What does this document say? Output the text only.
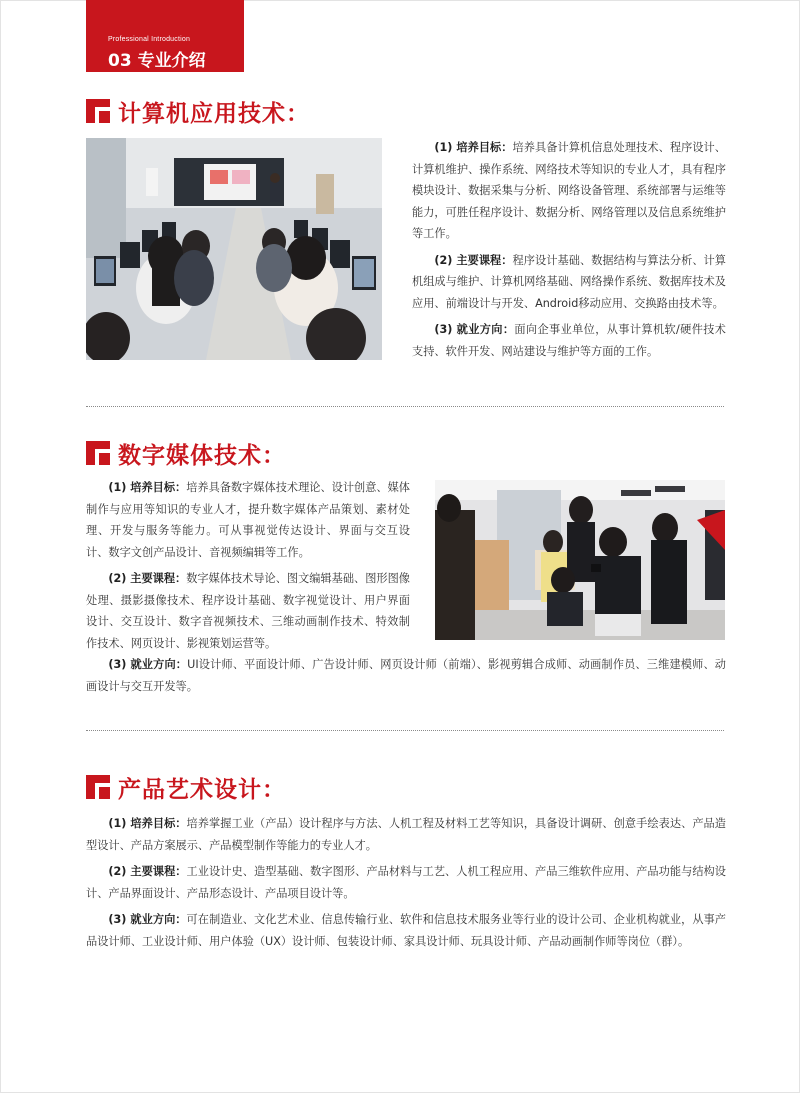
Professional Introduction
03 专业介绍
计算机应用技术：

(1) 培养目标：培养具备计算机信息处理技术、程序设计、计算机维护、操作系统、网络技术等知识的专业人才，具有程序模块设计、数据采集与分析、网络设备管理、系统部署与运维等能力，可胜任程序设计、数据分析、网络管理以及信息系统维护等工作。

(2) 主要课程：程序设计基础、数据结构与算法分析、计算机组成与维护、计算机网络基础、网络操作系统、数据库技术及应用、前端设计与开发、Android移动应用、交换路由技术等。

(3) 就业方向：面向企事业单位，从事计算机软/硬件技术支持、软件开发、网站建设与维护等方面的工作。

数字媒体技术：

(1) 培养目标：培养具备数字媒体技术理论、设计创意、媒体制作与应用等知识的专业人才，提升数字媒体产品策划、素材处理、开发与服务等能力。可从事视觉传达设计、界面与交互设计、数字文创产品设计、音视频编辑等工作。

(2) 主要课程：数字媒体技术导论、图文编辑基础、图形图像处理、摄影摄像技术、程序设计基础、数字视觉设计、用户界面设计、交互设计、数字音视频技术、三维动画制作技术、特效制作技术、网页设计、影视策划运营等。

(3) 就业方向：UI设计师、平面设计师、广告设计师、网页设计师（前端）、影视剪辑合成师、动画制作员、三维建模师、动画设计与交互开发等。

产品艺术设计：

(1) 培养目标：培养掌握工业（产品）设计程序与方法、人机工程及材料工艺等知识，具备设计调研、创意手绘表达、产品造型设计、产品方案展示、产品模型制作等能力的专业人才。

(2) 主要课程：工业设计史、造型基础、数字图形、产品材料与工艺、人机工程应用、产品三维软件应用、产品功能与结构设计、产品界面设计、产品形态设计、产品项目设计等。

(3) 就业方向：可在制造业、文化艺术业、信息传输行业、软件和信息技术服务业等行业的设计公司、企业机构就业，从事产品设计师、工业设计师、用户体验（UX）设计师、包装设计师、家具设计师、玩具设计师、产品动画制作师等岗位（群）。
